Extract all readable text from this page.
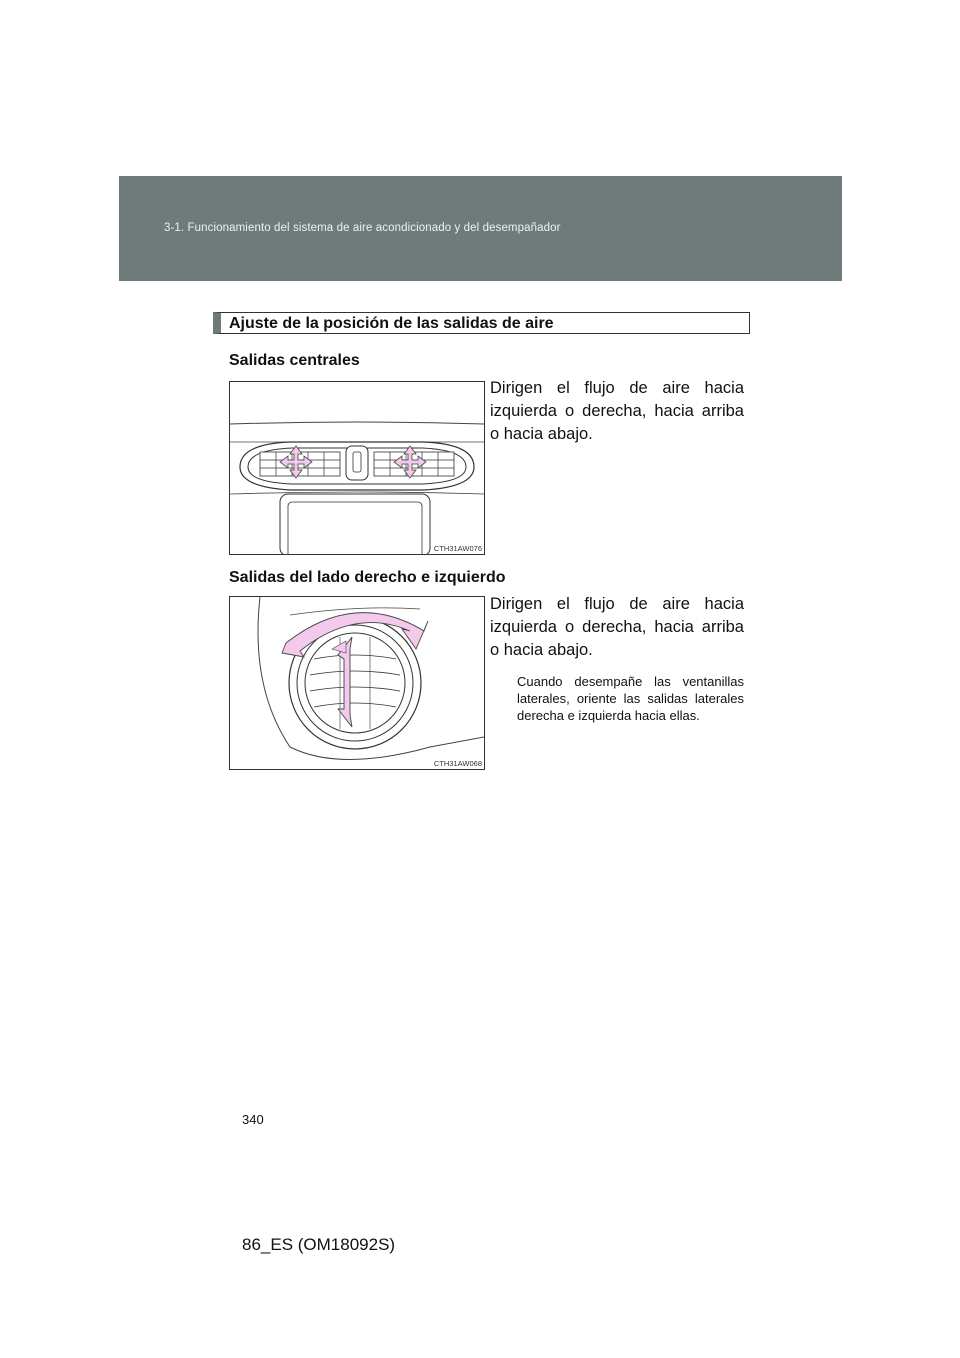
3-1. Funcionamiento del sistema de aire acondicionado y del desempañador
Ajuste de la posición de las salidas de aire
Salidas centrales
CTH31AW076
Dirigen el flujo de aire hacia izquierda o derecha, hacia arriba o hacia abajo.
Salidas del lado derecho e izquierdo
CTH31AW068
Dirigen el flujo de aire hacia izquierda o derecha, hacia arriba o hacia abajo.
Cuando desempañe las ventanillas laterales, oriente las salidas laterales derecha e izquierda hacia ellas.
340
86_ES (OM18092S)
